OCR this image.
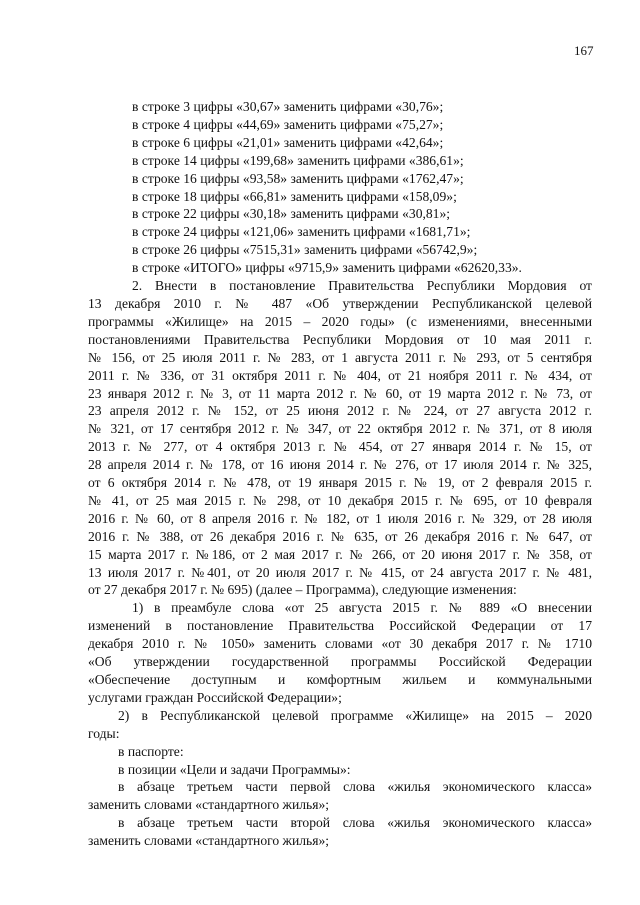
167
в строке 3 цифры «30,67» заменить цифрами «30,76»;
в строке 4 цифры «44,69» заменить цифрами «75,27»;
в строке 6 цифры «21,01» заменить цифрами «42,64»;
в строке 14 цифры «199,68» заменить цифрами «386,61»;
в строке 16 цифры «93,58» заменить цифрами «1762,47»;
в строке 18 цифры «66,81» заменить цифрами «158,09»;
в строке 22 цифры «30,18» заменить цифрами «30,81»;
в строке 24 цифры «121,06» заменить цифрами «1681,71»;
в строке 26 цифры «7515,31» заменить цифрами «56742,9»;
в строке «ИТОГО» цифры «9715,9» заменить цифрами «62620,33».
2. Внести в постановление Правительства Республики Мордовия от
13 декабря 2010 г. № 487 «Об утверждении Республиканской целевой
программы «Жилище» на 2015 – 2020 годы» (с изменениями, внесенными
постановлениями Правительства Республики Мордовия от 10 мая 2011 г.
№ 156, от 25 июля 2011 г. № 283, от 1 августа 2011 г. № 293, от 5 сентября
2011 г. № 336, от 31 октября 2011 г. № 404, от 21 ноября 2011 г. № 434, от
23 января 2012 г. № 3, от 11 марта 2012 г. № 60, от 19 марта 2012 г. № 73, от
23 апреля 2012 г. № 152, от 25 июня 2012 г. № 224, от 27 августа 2012 г.
№ 321, от 17 сентября 2012 г. № 347, от 22 октября 2012 г. № 371, от 8 июля
2013 г. № 277, от 4 октября 2013 г. № 454, от 27 января 2014 г. № 15, от
28 апреля 2014 г. № 178, от 16 июня 2014 г. № 276, от 17 июля 2014 г. № 325,
от 6 октября 2014 г. № 478, от 19 января 2015 г. № 19, от 2 февраля 2015 г.
№ 41, от 25 мая 2015 г. № 298, от 10 декабря 2015 г. № 695, от 10 февраля
2016 г. № 60, от 8 апреля 2016 г. № 182, от 1 июля 2016 г. № 329, от 28 июля
2016 г. № 388, от 26 декабря 2016 г. № 635, от 26 декабря 2016 г. № 647, от
15 марта 2017 г. №186, от 2 мая 2017 г. № 266, от 20 июня 2017 г. № 358, от
13 июля 2017 г. №401, от 20 июля 2017 г. № 415, от 24 августа 2017 г. № 481,
от 27 декабря 2017 г. № 695) (далее – Программа), следующие изменения:
1) в преамбуле слова «от 25 августа 2015 г. № 889 «О внесении
изменений в постановление Правительства Российской Федерации от 17
декабря 2010 г. № 1050» заменить словами «от 30 декабря 2017 г. № 1710
«Об утверждении государственной программы Российской Федерации
«Обеспечение доступным и комфортным жильем и коммунальными
услугами граждан Российской Федерации»;
2) в Республиканской целевой программе «Жилище» на 2015 – 2020
годы:
в паспорте:
в позиции «Цели и задачи Программы»:
в абзаце третьем части первой слова «жилья экономического класса»
заменить словами «стандартного жилья»;
в абзаце третьем части второй слова «жилья экономического класса»
заменить словами «стандартного жилья»;
